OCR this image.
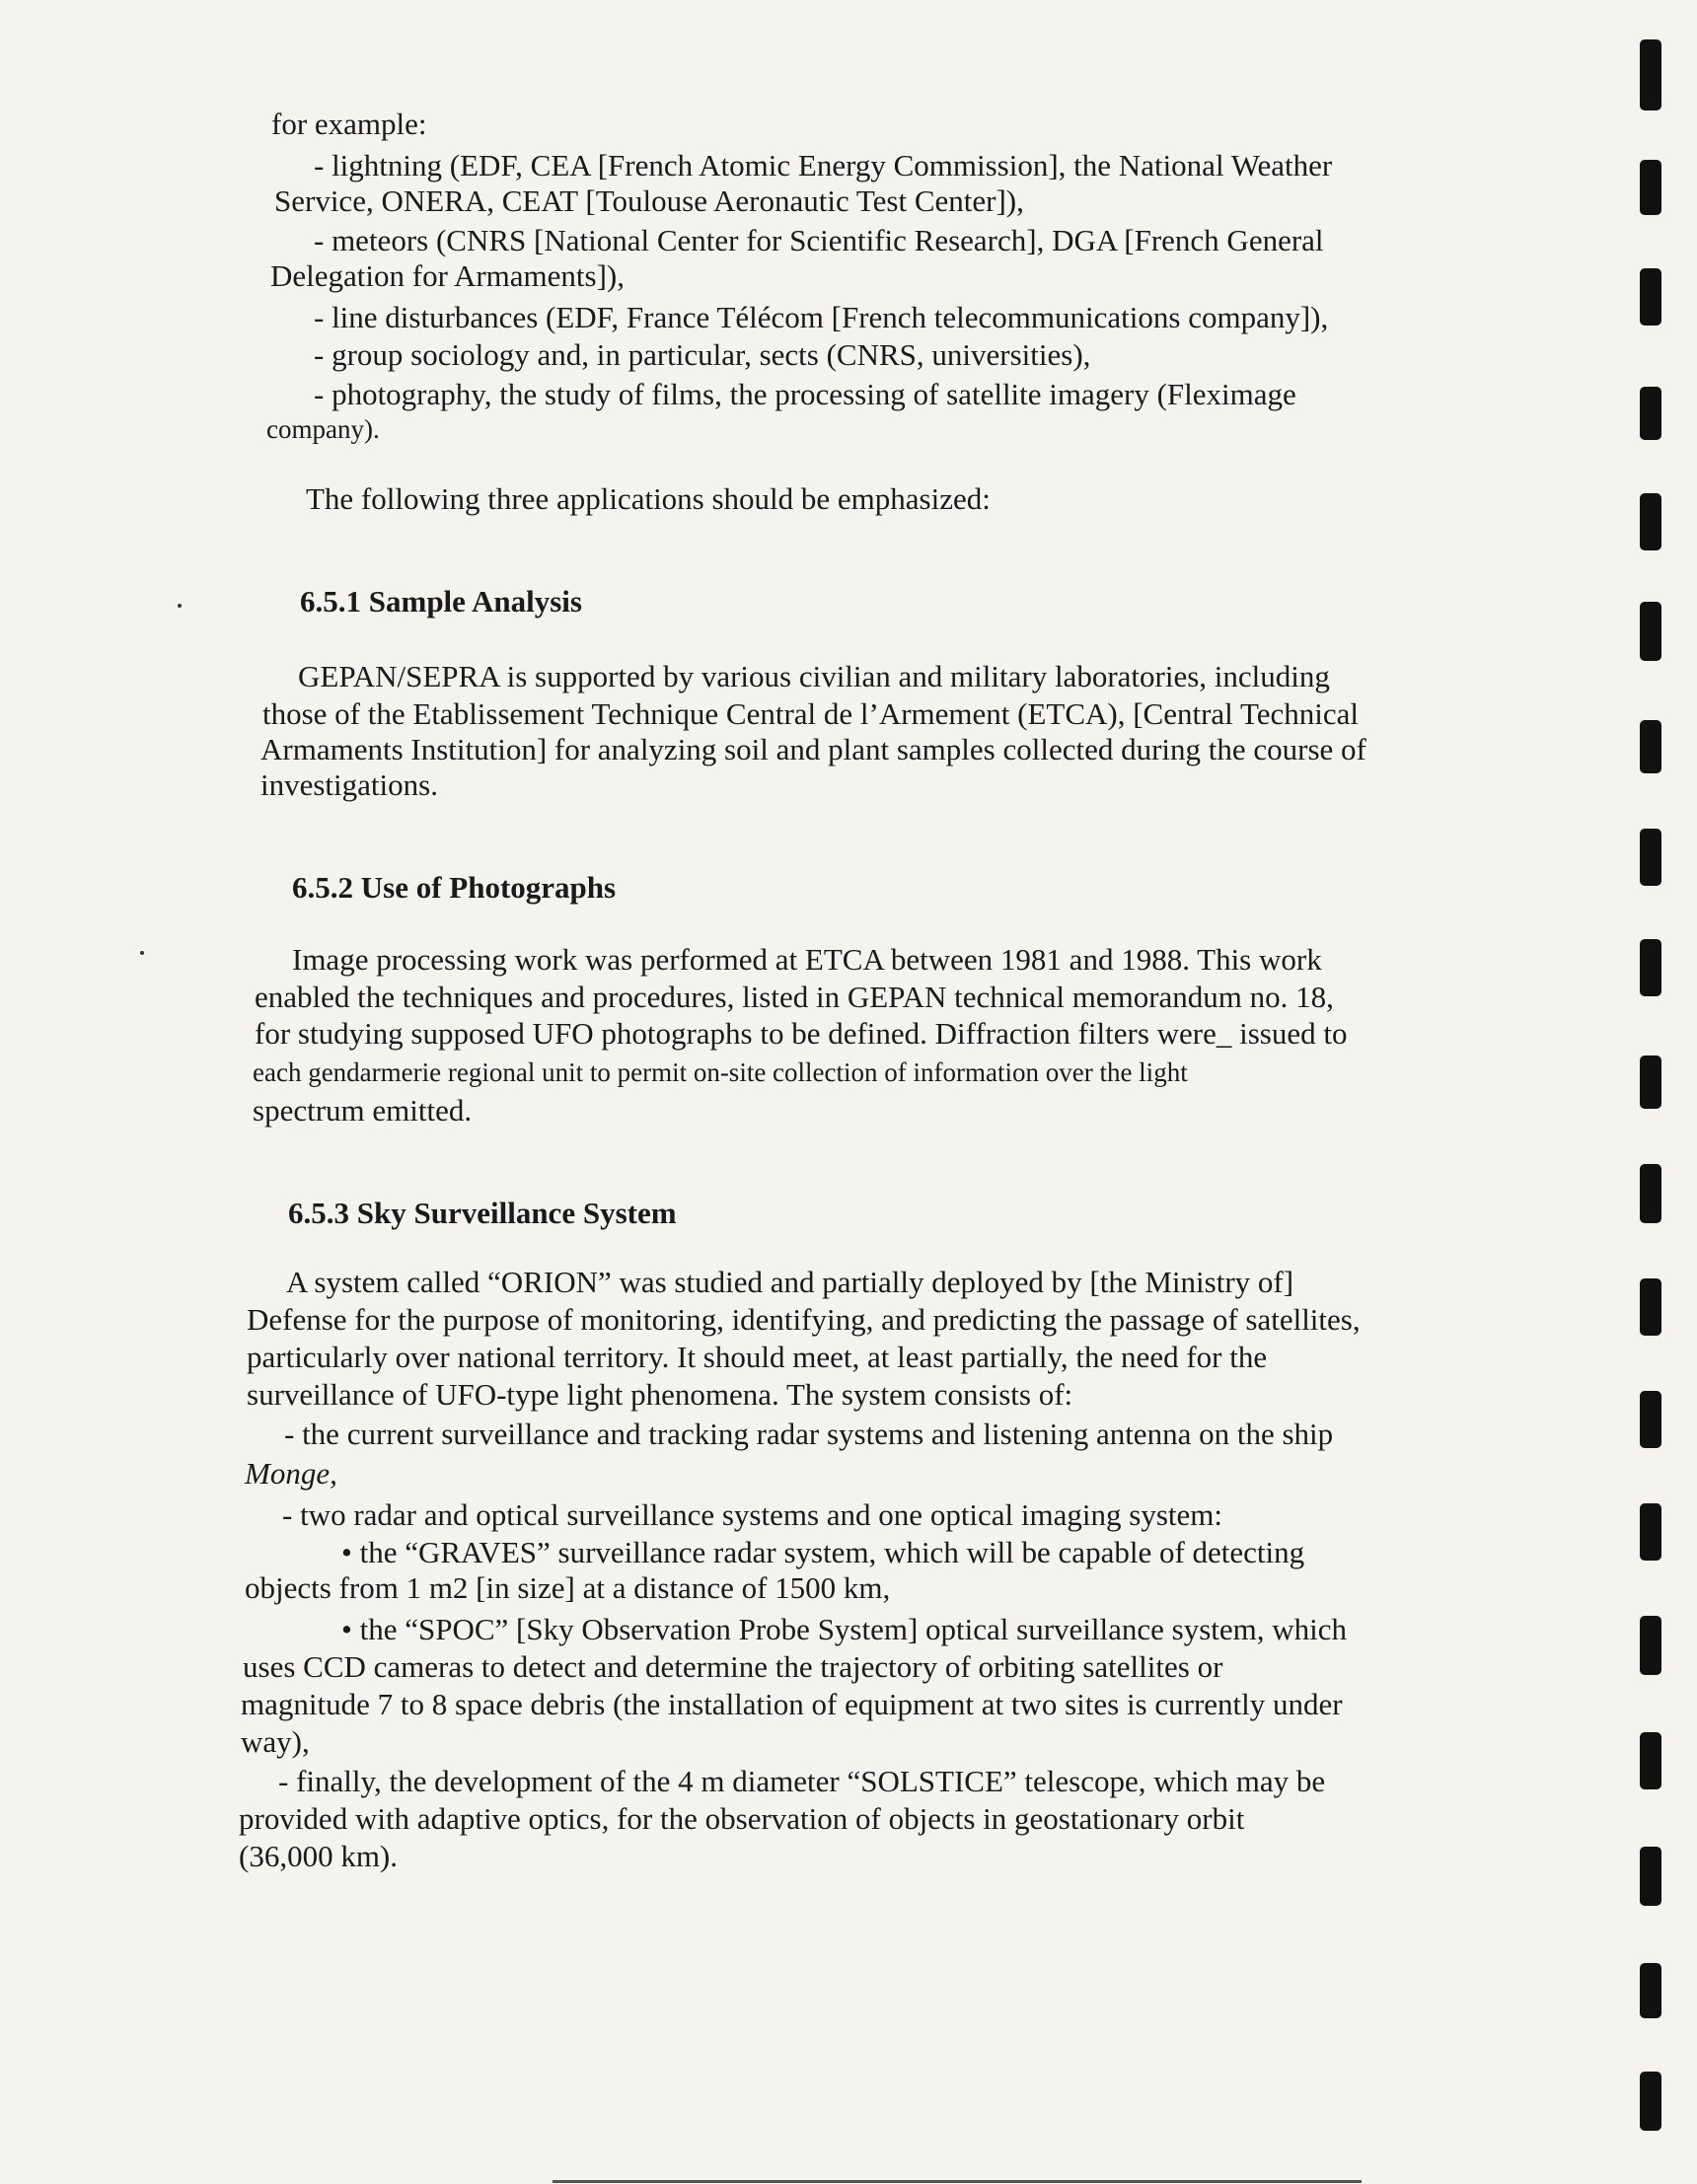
for example:
- lightning (EDF, CEA [French Atomic Energy Commission], the National Weather
Service, ONERA, CEAT [Toulouse Aeronautic Test Center]),
- meteors (CNRS [National Center for Scientific Research], DGA [French General
Delegation for Armaments]),
- line disturbances (EDF, France Télécom [French telecommunications company]),
- group sociology and, in particular, sects (CNRS, universities),
- photography, the study of films, the processing of satellite imagery (Fleximage
company).
The following three applications should be emphasized:
6.5.1 Sample Analysis
GEPAN/SEPRA is supported by various civilian and military laboratories, including
those of the Etablissement Technique Central de l’Armement (ETCA), [Central Technical
Armaments Institution] for analyzing soil and plant samples collected during the course of
investigations.
6.5.2 Use of Photographs
Image processing work was performed at ETCA between 1981 and 1988. This work
enabled the techniques and procedures, listed in GEPAN technical memorandum no. 18,
for studying supposed UFO photographs to be defined. Diffraction filters were_ issued to
each gendarmerie regional unit to permit on-site collection of information over the light
spectrum emitted.
6.5.3 Sky Surveillance System
A system called “ORION” was studied and partially deployed by [the Ministry of]
Defense for the purpose of monitoring, identifying, and predicting the passage of satellites,
particularly over national territory. It should meet, at least partially, the need for the
surveillance of UFO-type light phenomena. The system consists of:
- the current surveillance and tracking radar systems and listening antenna on the ship
Monge,
- two radar and optical surveillance systems and one optical imaging system:
• the “GRAVES” surveillance radar system, which will be capable of detecting
objects from 1 m2 [in size] at a distance of 1500 km,
• the “SPOC” [Sky Observation Probe System] optical surveillance system, which
uses CCD cameras to detect and determine the trajectory of orbiting satellites or
magnitude 7 to 8 space debris (the installation of equipment at two sites is currently under
way),
- finally, the development of the 4 m diameter “SOLSTICE” telescope, which may be
provided with adaptive optics, for the observation of objects in geostationary orbit
(36,000 km).
